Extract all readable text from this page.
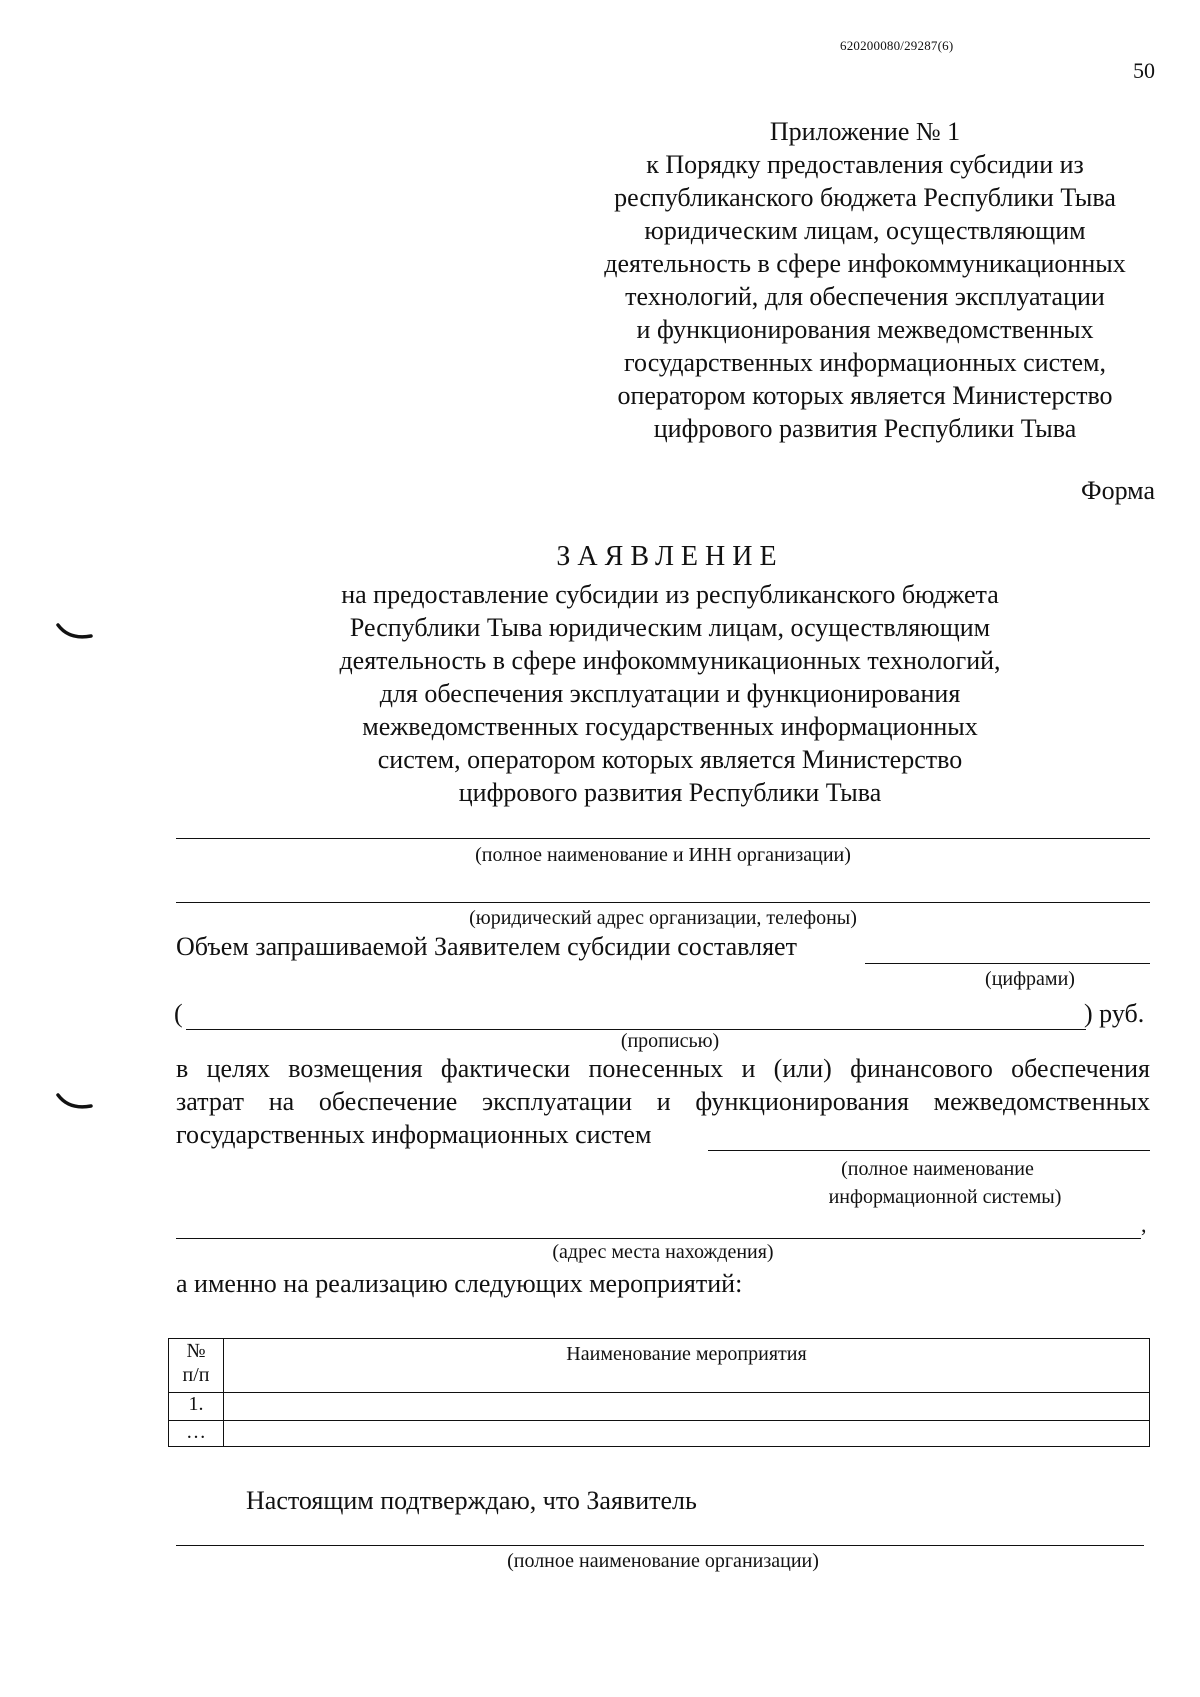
620200080/29287(6)
50
Приложение № 1
к Порядку предоставления субсидии из
республиканского бюджета Республики Тыва
юридическим лицам, осуществляющим
деятельность в сфере инфокоммуникационных
технологий, для обеспечения эксплуатации
и функционирования межведомственных
государственных информационных систем,
оператором которых является Министерство
цифрового развития Республики Тыва
Форма
ЗАЯВЛЕНИЕ
на предоставление субсидии из республиканского бюджета
Республики Тыва юридическим лицам, осуществляющим
деятельность в сфере инфокоммуникационных технологий,
для обеспечения эксплуатации и функционирования
межведомственных государственных информационных
систем, оператором которых является Министерство
цифрового развития Республики Тыва
(полное наименование и ИНН организации)
(юридический адрес организации, телефоны)
Объем запрашиваемой Заявителем субсидии составляет
(цифрами)
(	) руб.
(прописью)
в целях возмещения фактически понесенных и (или) финансового обеспечения
затрат на обеспечение эксплуатации и функционирования межведомственных
государственных информационных систем
(полное наименование
информационной системы)
,
(адрес места нахождения)
а именно на реализацию следующих мероприятий:
№
п/п	Наименование мероприятия
1.	
…	
Настоящим подтверждаю, что Заявитель
(полное наименование организации)
